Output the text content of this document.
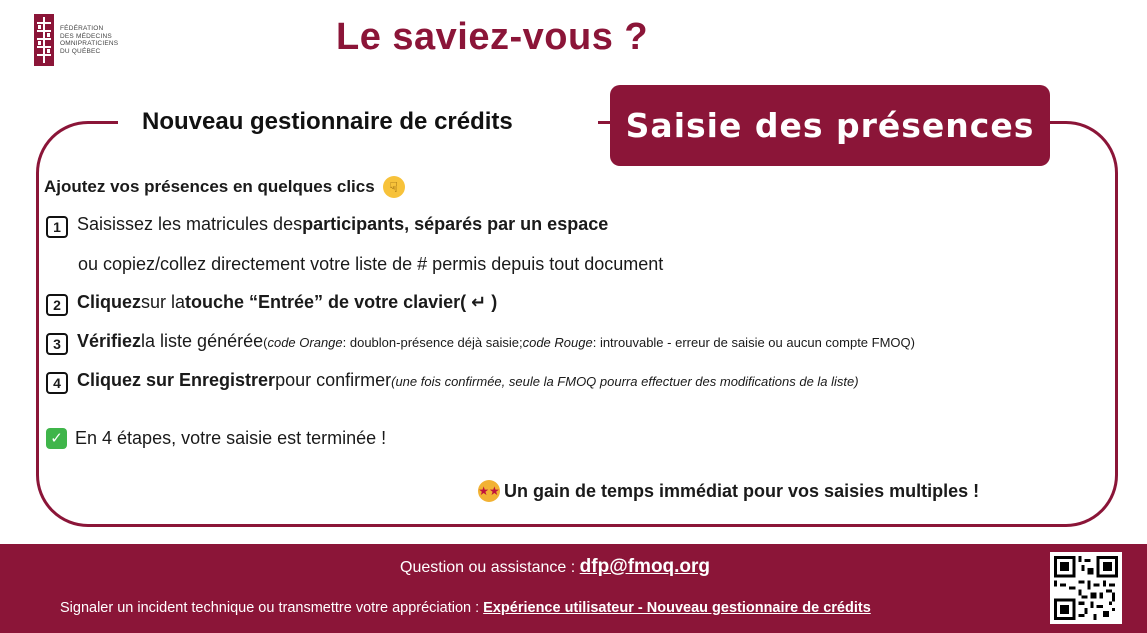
FÉDÉRATION
DES MÉDECINS
OMNIPRATICIENS
DU QUÉBEC	Le saviez-vous ?
Nouveau gestionnaire de crédits	Saisie des présences
Ajoutez vos présences en quelques clics	☟
1 Saisissez les matricules des participants, séparés par un espace
ou copiez/collez directement votre liste de # permis depuis tout document
2 Cliquez sur la touche “Entrée” de votre clavier ( ↵ )
3 Vérifiez la liste générée ( code Orange : doublon-présence déjà saisie; code Rouge : introuvable - erreur de saisie ou aucun compte FMOQ)
4 Cliquez sur Enregistrer pour confirmer (une fois confirmée, seule la FMOQ pourra effectuer des modifications de la liste)
✓ En 4 étapes, votre saisie est terminée !
★★ Un gain de temps immédiat pour vos saisies multiples !
Question ou assistance : dfp@fmoq.org
Signaler un incident technique ou transmettre votre appréciation : Expérience utilisateur - Nouveau gestionnaire de crédits
